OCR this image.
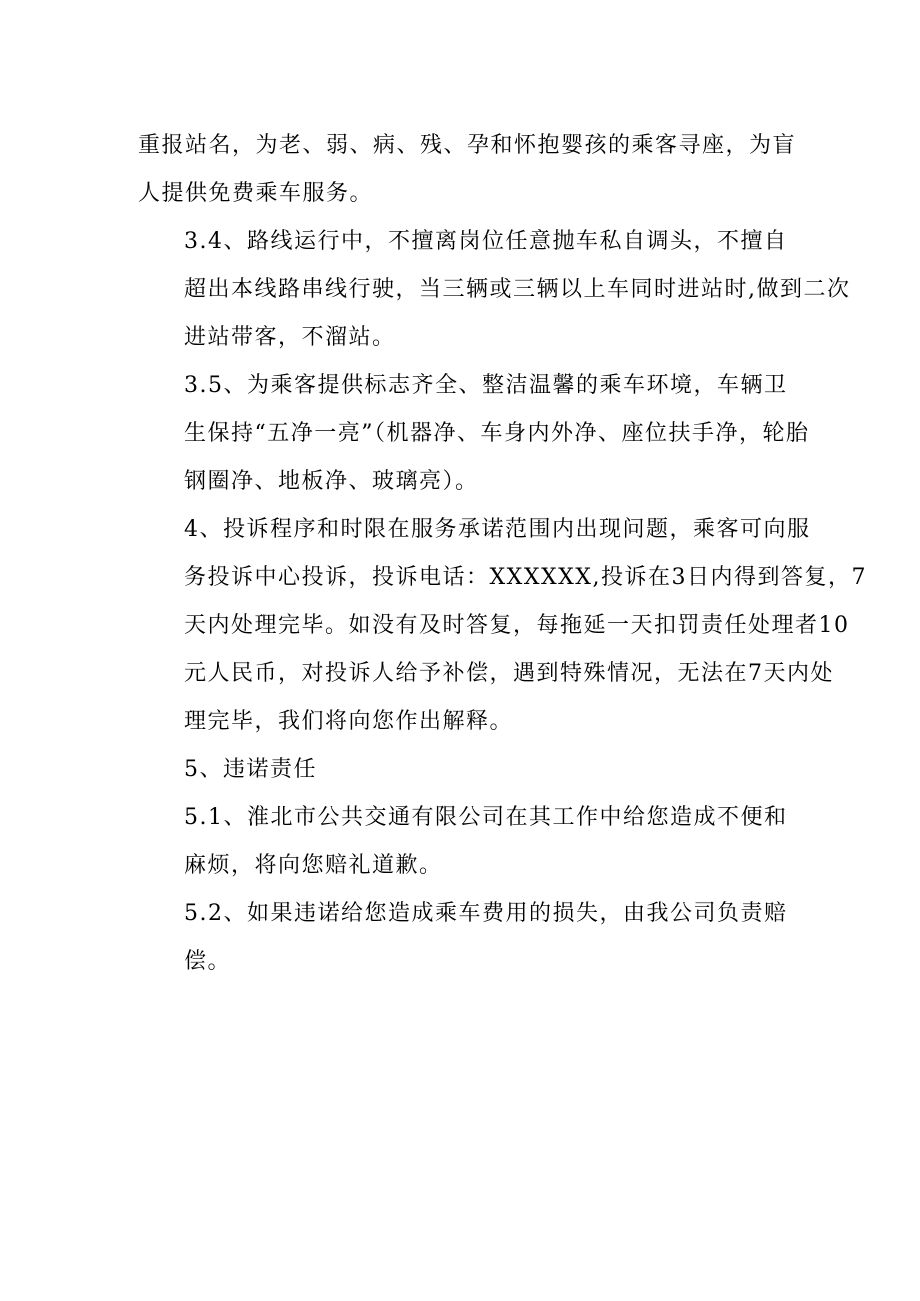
重报站名，为老、弱、病、残、孕和怀抱婴孩的乘客寻座，为盲
人提供免费乘车服务。

3.4、路线运行中，不擅离岗位任意抛车私自调头，不擅自
超出本线路串线行驶，当三辆或三辆以上车同时进站时,做到二次
进站带客，不溜站。

3.5、为乘客提供标志齐全、整洁温馨的乘车环境，车辆卫
生保持“五净一亮”（机器净、车身内外净、座位扶手净，轮胎
钢圈净、地板净、玻璃亮）。

4、投诉程序和时限在服务承诺范围内出现问题，乘客可向服
务投诉中心投诉，投诉电话：XXXXXX,投诉在3日内得到答复，7
天内处理完毕。如没有及时答复，每拖延一天扣罚责任处理者10
元人民币，对投诉人给予补偿，遇到特殊情况，无法在7天内处
理完毕，我们将向您作出解释。

5、违诺责任

5.1、淮北市公共交通有限公司在其工作中给您造成不便和
麻烦，将向您赔礼道歉。

5.2、如果违诺给您造成乘车费用的损失，由我公司负责赔
偿。
